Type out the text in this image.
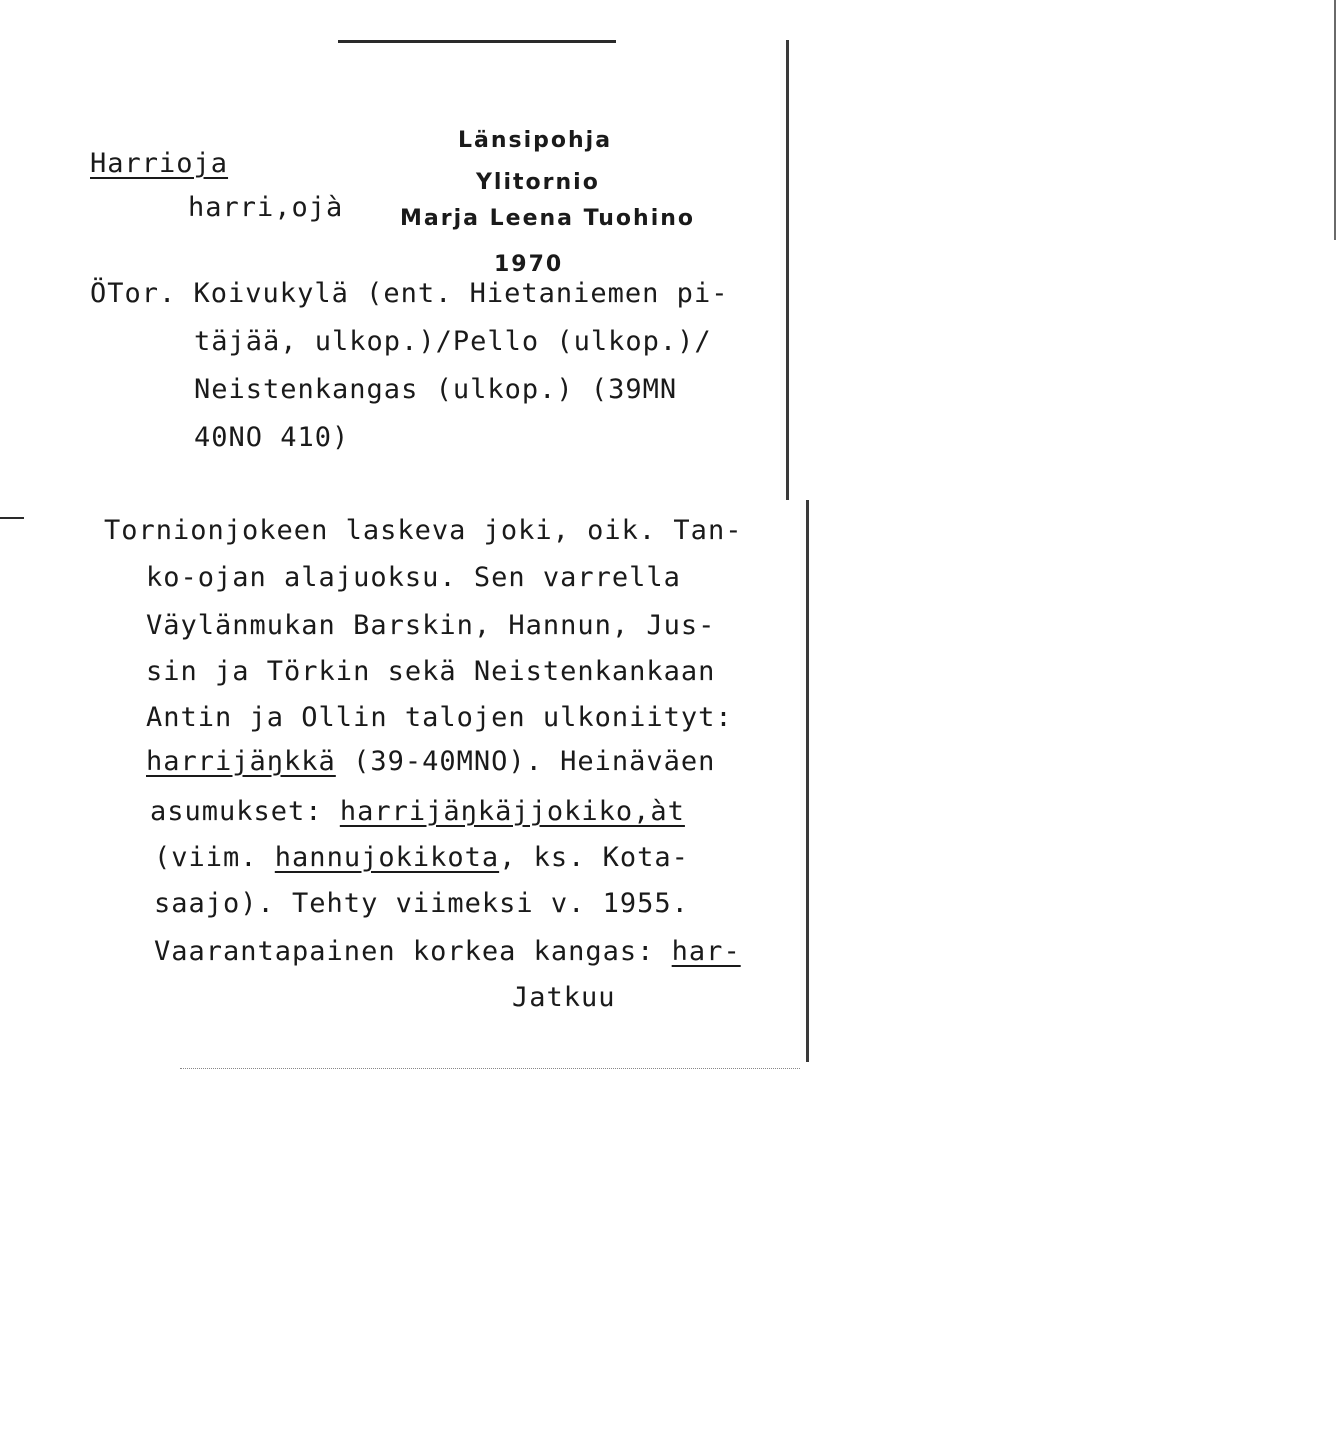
Harrioja
harri‚ojà
Länsipohja
Ylitornio
Marja Leena Tuohino
1970
ÖTor. Koivukylä (ent. Hietaniemen pi-
täjää, ulkop.)/Pello (ulkop.)/
Neistenkangas (ulkop.) (39MN
40NO 410)
Tornionjokeen laskeva joki, oik. Tan-
ko-ojan alajuoksu. Sen varrella
Väylänmukan Barskin, Hannun, Jus-
sin ja Törkin sekä Neistenkankaan
Antin ja Ollin talojen ulkoniityt:
harrijäŋkkä (39-40MNO). Heinäväen
asumukset: harrijäŋkäjjokiko‚àt
(viim. hannujokikota, ks. Kota-
saajo). Tehty viimeksi v. 1955.
Vaarantapainen korkea kangas: har-
Jatkuu
